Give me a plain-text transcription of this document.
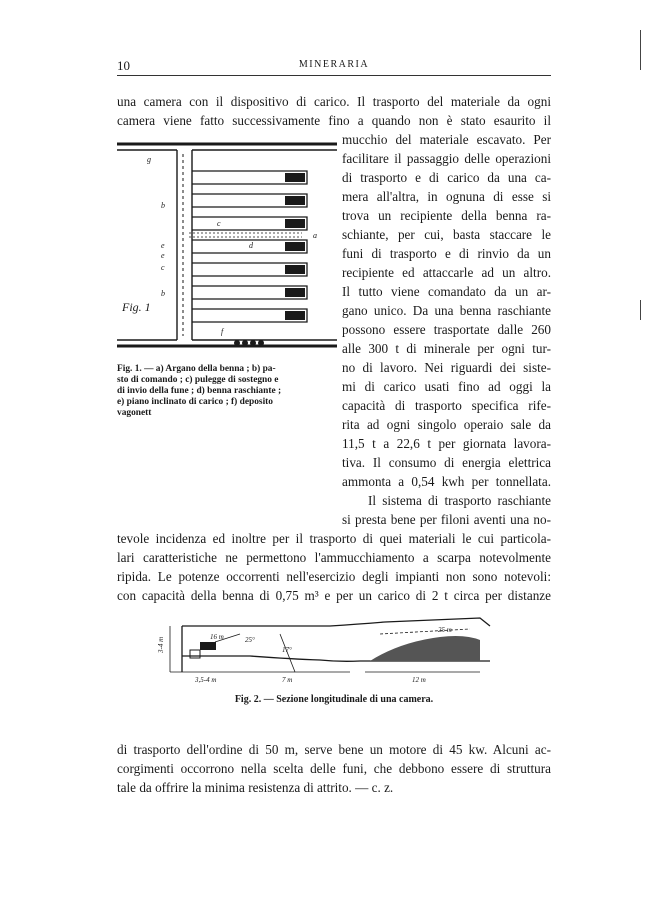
10	MINERARIA
una camera con il dispositivo di carico. Il trasporto del materiale da ogni
camera viene fatto successivamente fino a quando non è stato esaurito il
mucchio del materiale escavato. Per
facilitare il passaggio delle operazioni
di trasporto e di carico da una ca-
mera all'altra, in ognuna di esse si
trova un recipiente della benna ra-
schiante, per cui, basta staccare le
funi di trasporto e di rinvio da un
recipiente ed attaccarle ad un altro.
Il tutto viene comandato da un ar-
gano unico. Da una benna raschiante
possono essere trasportate dalle 260
alle 300 t di minerale per ogni tur-
no di lavoro. Nei riguardi dei siste-
mi di carico usati fino ad oggi la
capacità di trasporto specifica rife-
rita ad ogni singolo operaio sale da
11,5 t a 22,6 t per giornata lavora-
tiva. Il consumo di energia elettrica
ammonta a 0,54 kwh per tonnellata.
Il sistema di trasporto raschiante
si presta bene per filoni aventi una no-
tevole incidenza ed inoltre per il trasporto di quei materiali le cui particola-
g
b
e
c
b
f
a
c
d
e
Fig. 1
Fig. 1. — a) Argano della benna ; b) pa-
sto di comando ; c) pulegge di sostegno e
di invio della fune ; d) benna raschiante ;
e) piano inclinato di carico ; f) deposito
vagonett
lari caratteristiche ne permettono l'ammucchiamento a scarpa notevolmente
ripida. Le potenze occorrenti nell'esercizio degli impianti non sono notevoli:
con capacità della benna di 0,75 m³ e per un carico di 2 t circa per distanze
3-4 m	16 m	25°
17°
25 m
3,5-4 m	7 m	12 m
Fig. 2. — Sezione longitudinale di una camera.
di trasporto dell'ordine di 50 m, serve bene un motore di 45 kw. Alcuni ac-
corgimenti occorrono nella scelta delle funi, che debbono essere di struttura
tale da offrire la minima resistenza di attrito. — c. z.
